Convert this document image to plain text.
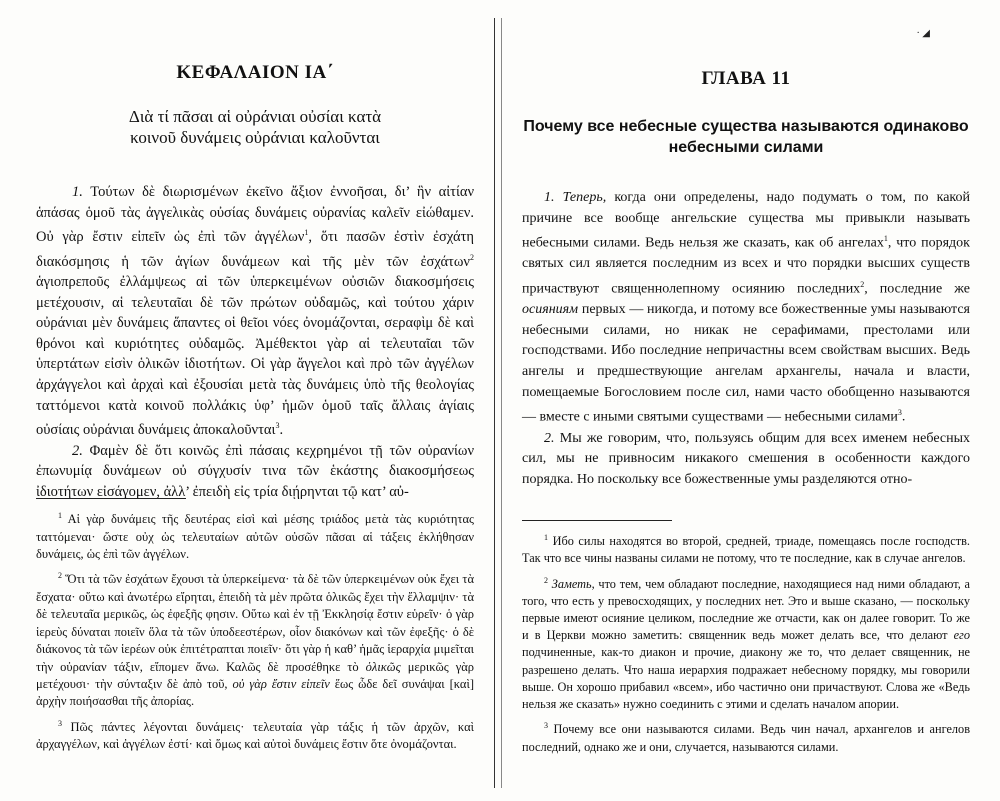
ΚΕΦΑΛΑΙΟΝ ΙΑ΄
Διὰ τί πᾶσαι αἱ οὐράνιαι οὐσίαι κατὰ
κοινοῦ δυνάμεις οὐράνιαι καλοῦνται

1. Τούτων δὲ διωρισμένων ἐκεῖνο ἄξιον ἐννοῆσαι, δι’ ἣν αἰτίαν ἁπάσας ὁμοῦ τὰς ἀγγελικὰς οὐσίας δυνάμεις οὐρανίας καλεῖν εἰώθαμεν. Οὐ γὰρ ἔστιν εἰπεῖν ὡς ἐπὶ τῶν ἀγγέλων$^1$, ὅτι πασῶν ἐστὶν ἐσχάτη διακόσμησις ἡ τῶν ἁγίων δυνάμεων καὶ τῆς μὲν τῶν ἐσχάτων$^2$ ἁγιοπρεποῦς ἐλλάμψεως αἱ τῶν ὑπερκειμένων οὐσιῶν διακοσμήσεις μετέχουσιν, αἱ τελευταῖαι δὲ τῶν πρώτων οὐδαμῶς, καὶ τούτου χάριν οὐράνιαι μὲν δυνάμεις ἅπαντες οἱ θεῖοι νόες ὀνομάζονται, σεραφὶμ δὲ καὶ θρόνοι καὶ κυριότητες οὐδαμῶς. Ἀμέθεκτοι γὰρ αἱ τελευταῖαι τῶν ὑπερτάτων εἰσὶν ὁλικῶν ἰδιοτήτων. Οἱ γὰρ ἄγγελοι καὶ πρὸ τῶν ἀγγέλων ἀρχάγγελοι καὶ ἀρχαὶ καὶ ἐξουσίαι μετὰ τὰς δυνάμεις ὑπὸ τῆς θεολογίας ταττόμενοι κατὰ κοινοῦ πολλάκις ὑφ’ ἡμῶν ὁμοῦ ταῖς ἄλλαις ἁγίαις οὐσίαις οὐράνιαι δυνάμεις ἀποκαλοῦνται$^3$.

2. Φαμὲν δὲ ὅτι κοινῶς ἐπὶ πάσαις κεχρημένοι τῇ τῶν οὐρανίων ἐπωνυμίᾳ δυνάμεων οὐ σύγχυσίν τινα τῶν ἑκάστης διακοσμήσεως ἰδιοτήτων εἰσάγομεν, ἀλλ’ ἐπειδὴ εἰς τρία διῄρηνται τῷ κατ’ αὐ-

$^1$ Αἱ γὰρ δυνάμεις τῆς δευτέρας εἰσὶ καὶ μέσης τριάδος μετὰ τὰς κυριότητας ταττόμεναι· ὥστε οὐχ ὡς τελευταίων αὐτῶν οὐσῶν πᾶσαι αἱ τάξεις ἐκλήθησαν δυνάμεις, ὡς ἐπὶ τῶν ἀγγέλων.

$^2$ Ὅτι τὰ τῶν ἐσχάτων ἔχουσι τὰ ὑπερκείμενα· τὰ δὲ τῶν ὑπερκειμένων οὐκ ἔχει τὰ ἔσχατα· οὕτω καὶ ἀνωτέρω εἴρηται, ἐπειδὴ τὰ μὲν πρῶτα ὁλικῶς ἔχει τὴν ἔλλαμψιν· τὰ δὲ τελευταῖα μερικῶς, ὡς ἐφεξῆς φησιν. Οὕτω καὶ ἐν τῇ Ἐκκλησίᾳ ἔστιν εὑρεῖν· ὁ γὰρ ἱερεὺς δύναται ποιεῖν ὅλα τὰ τῶν ὑποδεεστέρων, οἷον διακόνων καὶ τῶν ἐφεξῆς· ὁ δὲ διάκονος τὰ τῶν ἱερέων οὐκ ἐπιτέτραπται ποιεῖν· ὅτι γὰρ ἡ καθ’ ἡμᾶς ἱεραρχία μιμεῖται τὴν οὐρανίαν τάξιν, εἴπομεν ἄνω. Καλῶς δὲ προσέθηκε τὸ ὁλικῶς μερικῶς γὰρ μετέχουσι· τὴν σύνταξιν δὲ ἀπὸ τοῦ, οὐ γὰρ ἔστιν εἰπεῖν ἕως ὧδε δεῖ συνάψαι [καὶ] ἀρχὴν ποιήσασθαι τῆς ἀπορίας.

$^3$ Πῶς πάντες λέγονται δυνάμεις· τελευταία γὰρ τάξις ἡ τῶν ἀρχῶν, καὶ ἀρχαγγέλων, καὶ ἀγγέλων ἐστί· καὶ ὅμως καὶ αὐτοὶ δυνάμεις ἔστιν ὅτε ὀνομάζονται.

· ◢
ГЛАВА 11
Почему все небесные существа называются одинаково
небесными силами

1. Теперь, когда они определены, надо подумать о том, по какой причине все вообще ангельские существа мы привыкли называть небесными силами. Ведь нельзя же сказать, как об ангелах$^1$, что порядок святых сил является последним из всех и что порядки высших существ причаствуют священнолепному осиянию последних$^2$, последние же осияниям первых — никогда, и потому все божественные умы называются небесными силами, но никак не серафимами, престолами или господствами. Ибо последние непричастны всем свойствам высших. Ведь ангелы и предшествующие ангелам архангелы, начала и власти, помещаемые Богословием после сил, нами часто обобщенно называются — вместе с иными святыми существами — небесными силами$^3$.

2. Мы же говорим, что, пользуясь общим для всех именем небесных сил, мы не привносим никакого смешения в особенности каждого порядка. Но поскольку все божественные умы разделяются отно-

$^1$ Ибо силы находятся во второй, средней, триаде, помещаясь после господств. Так что все чины названы силами не потому, что те последние, как в случае ангелов.

$^2$ Заметь, что тем, чем обладают последние, находящиеся над ними обладают, а того, что есть у превосходящих, у последних нет. Это и выше сказано, — поскольку первые имеют осияние целиком, последние же отчасти, как он далее говорит. То же и в Церкви можно заметить: священник ведь может делать все, что делают его подчиненные, как-то диакон и прочие, диакону же то, что делает священник, не разрешено делать. Что наша иерархия подражает небесному порядку, мы говорили выше. Он хорошо прибавил «всем», ибо частично они причаствуют. Слова же «Ведь нельзя же сказать» нужно соединить с этими и сделать началом апории.

$^3$ Почему все они называются силами. Ведь чин начал, архангелов и ангелов последний, однако же и они, случается, называются силами.
